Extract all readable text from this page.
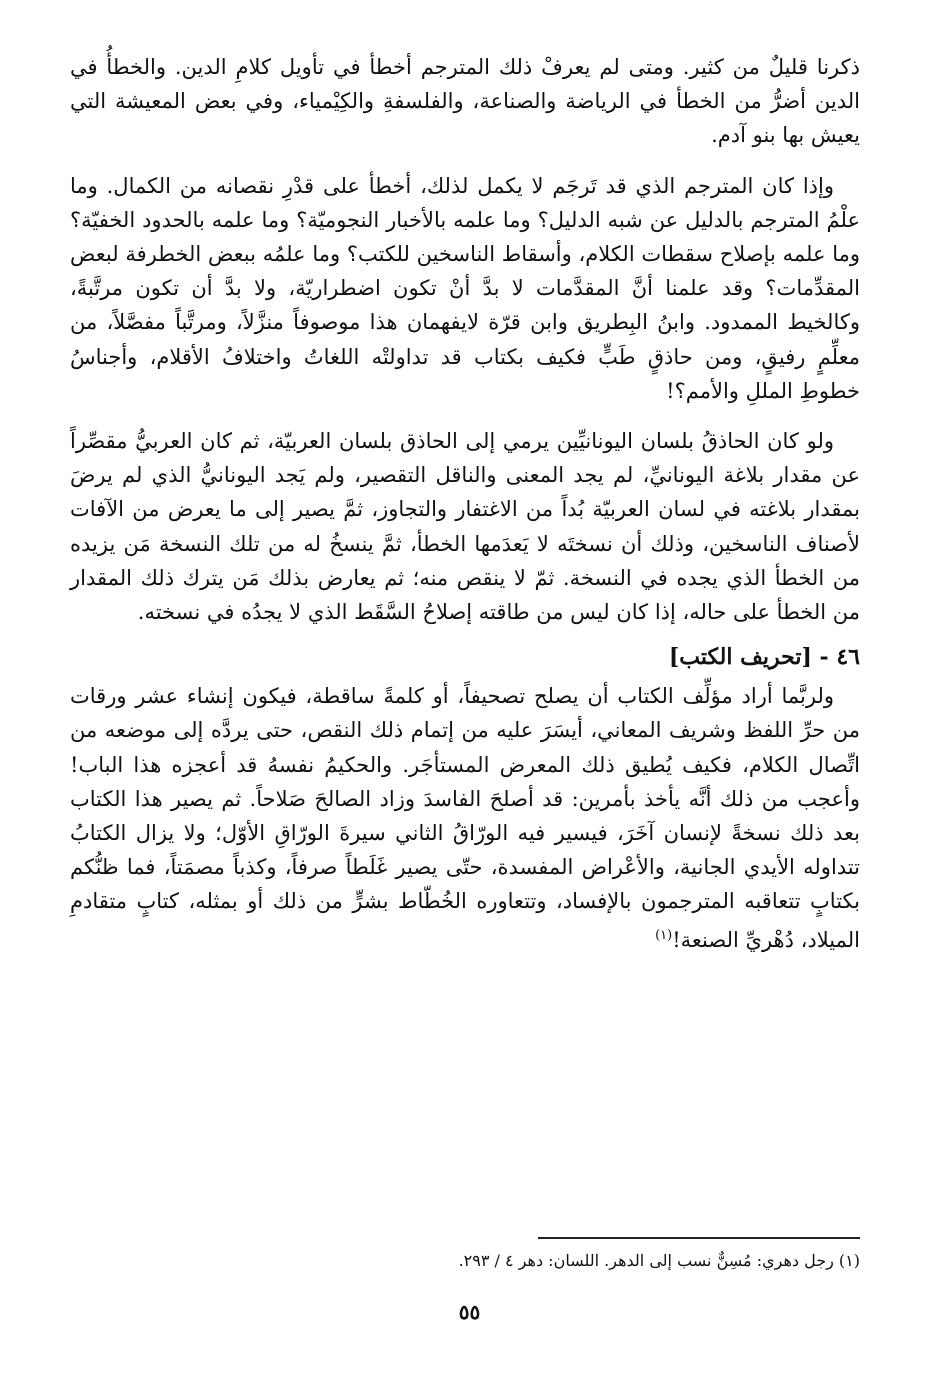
ذكرنا قليلٌ من كثير. ومتى لم يعرفْ ذلك المترجم أخطأ في تأويل كلامِ الدين. والخطأُ في الدين أضرُّ من الخطأ في الرياضة والصناعة، والفلسفةِ والكِيْمياء، وفي بعض المعيشة التي يعيش بها بنو آدم.

وإذا كان المترجم الذي قد تَرجَم لا يكمل لذلك، أخطأ على قدْرِ نقصانه من الكمال. وما علْمُ المترجم بالدليل عن شبه الدليل؟ وما علمه بالأخبار النجوميّة؟ وما علمه بالحدود الخفيّة؟ وما علمه بإصلاح سقطات الكلام، وأسقاط الناسخين للكتب؟ وما علمُه ببعض الخطرفة لبعض المقدِّمات؟ وقد علمنا أنَّ المقدَّمات لا بدَّ أنْ تكون اضطراريّة، ولا بدَّ أن تكون مرتَّبةً، وكالخيط الممدود. وابنُ البِطريق وابن قرّة لايفهمان هذا موصوفاً منزَّلاً، ومرتَّباً مفصَّلاً، من معلِّمٍ رفيقٍ، ومن حاذقٍ طَبٍّ فكيف بكتاب قد تداولتْه اللغاتُ واختلافُ الأقلام، وأجناسُ خطوطِ المللِ والأمم؟!

ولو كان الحاذقُ بلسان اليونانيِّين يرمي إلى الحاذق بلسان العربيّة، ثم كان العربيُّ مقصِّراً عن مقدار بلاغة اليونانيِّ، لم يجد المعنى والناقل التقصير، ولم يَجد اليونانيُّ الذي لم يرضَ بمقدار بلاغته في لسان العربيّة بُداً من الاغتفار والتجاوز، ثمَّ يصير إلى ما يعرض من الآفات لأصناف الناسخين، وذلك أن نسختَه لا يَعدَمها الخطأ، ثمَّ ينسخُ له من تلك النسخة مَن يزيده من الخطأ الذي يجده في النسخة. ثمّ لا ينقص منه؛ ثم يعارض بذلك مَن يترك ذلك المقدار من الخطأ على حاله، إذا كان ليس من طاقته إصلاحُ السَّقَط الذي لا يجدُه في نسخته.

٤٦ - [تحريف الكتب]

ولربَّما أراد مؤلِّف الكتاب أن يصلح تصحيفاً، أو كلمةً ساقطة، فيكون إنشاء عشر ورقات من حرِّ اللفظ وشريف المعاني، أيسَرَ عليه من إتمام ذلك النقص، حتى يردَّه إلى موضعه من اتِّصال الكلام، فكيف يُطيق ذلك المعرض المستأجَر. والحكيمُ نفسهُ قد أعجزه هذا الباب! وأعجب من ذلك أنَّه يأخذ بأمرين: قد أصلحَ الفاسدَ وزاد الصالحَ صَلاحاً. ثم يصير هذا الكتاب بعد ذلك نسخةً لإنسان آخَرَ، فيسير فيه الورّاقُ الثاني سيرةَ الورّاقِ الأوّل؛ ولا يزال الكتابُ تتداوله الأيدي الجانية، والأعْراض المفسدة، حتّى يصير غَلَطاً صرفاً، وكذباً مصمَتاً، فما ظنُّكم بكتابٍ تتعاقبه المترجمون بالإفساد، وتتعاوره الخُطّاط بشرٍّ من ذلك أو بمثله، كتابٍ متقادمِ الميلاد، دُهْريِّ الصنعة!$^{(١)}$

(١) رجل دهري: مُسِنٌّ نسب إلى الدهر. اللسان: دهر ٤ / ٢٩٣.
٥٥
